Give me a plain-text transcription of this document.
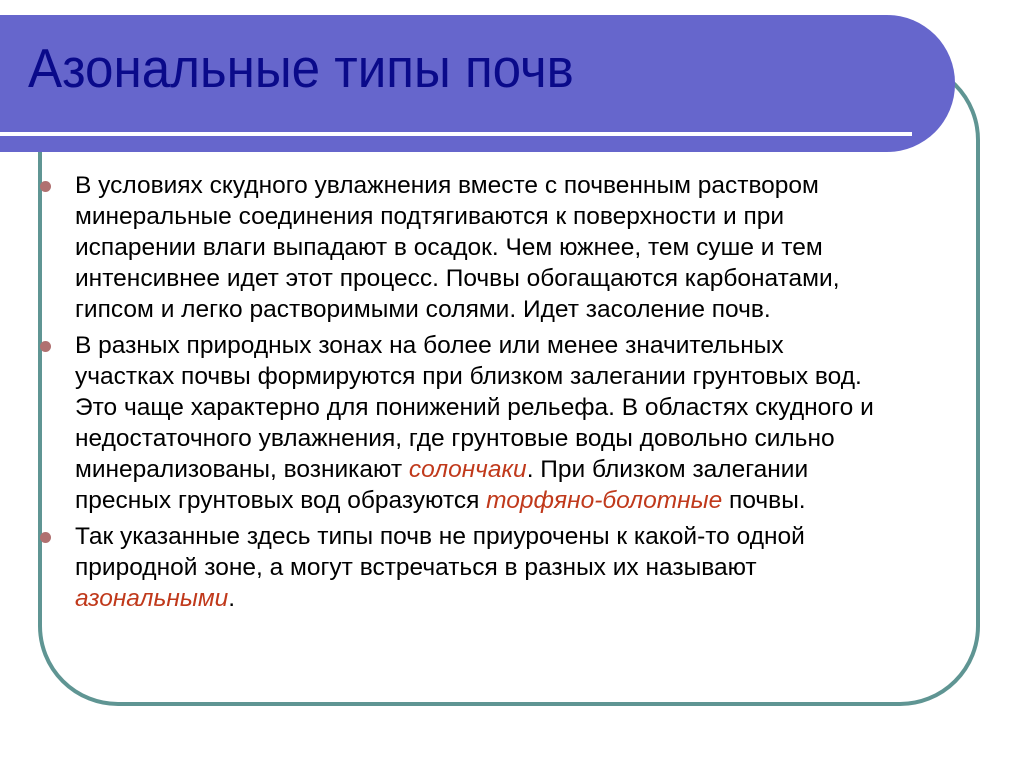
Азональные типы почв
В условиях скудного увлажнения вместе с почвенным раствором
минеральные соединения подтягиваются к поверхности и при
испарении влаги выпадают в осадок. Чем южнее, тем суше и тем
интенсивнее идет этот процесс. Почвы обогащаются карбонатами,
гипсом и легко растворимыми солями. Идет засоление почв.
В разных природных зонах на более или менее значительных
участках почвы формируются при близком залегании грунтовых вод.
Это чаще характерно для понижений рельефа. В областях скудного и
недостаточного увлажнения, где грунтовые воды довольно сильно
минерализованы, возникают солончаки. При близком залегании
пресных грунтовых вод образуются торфяно-болотные почвы.
Так указанные здесь типы почв не приурочены к какой-то одной
природной зоне, а могут встречаться в разных их называют
азональными.
